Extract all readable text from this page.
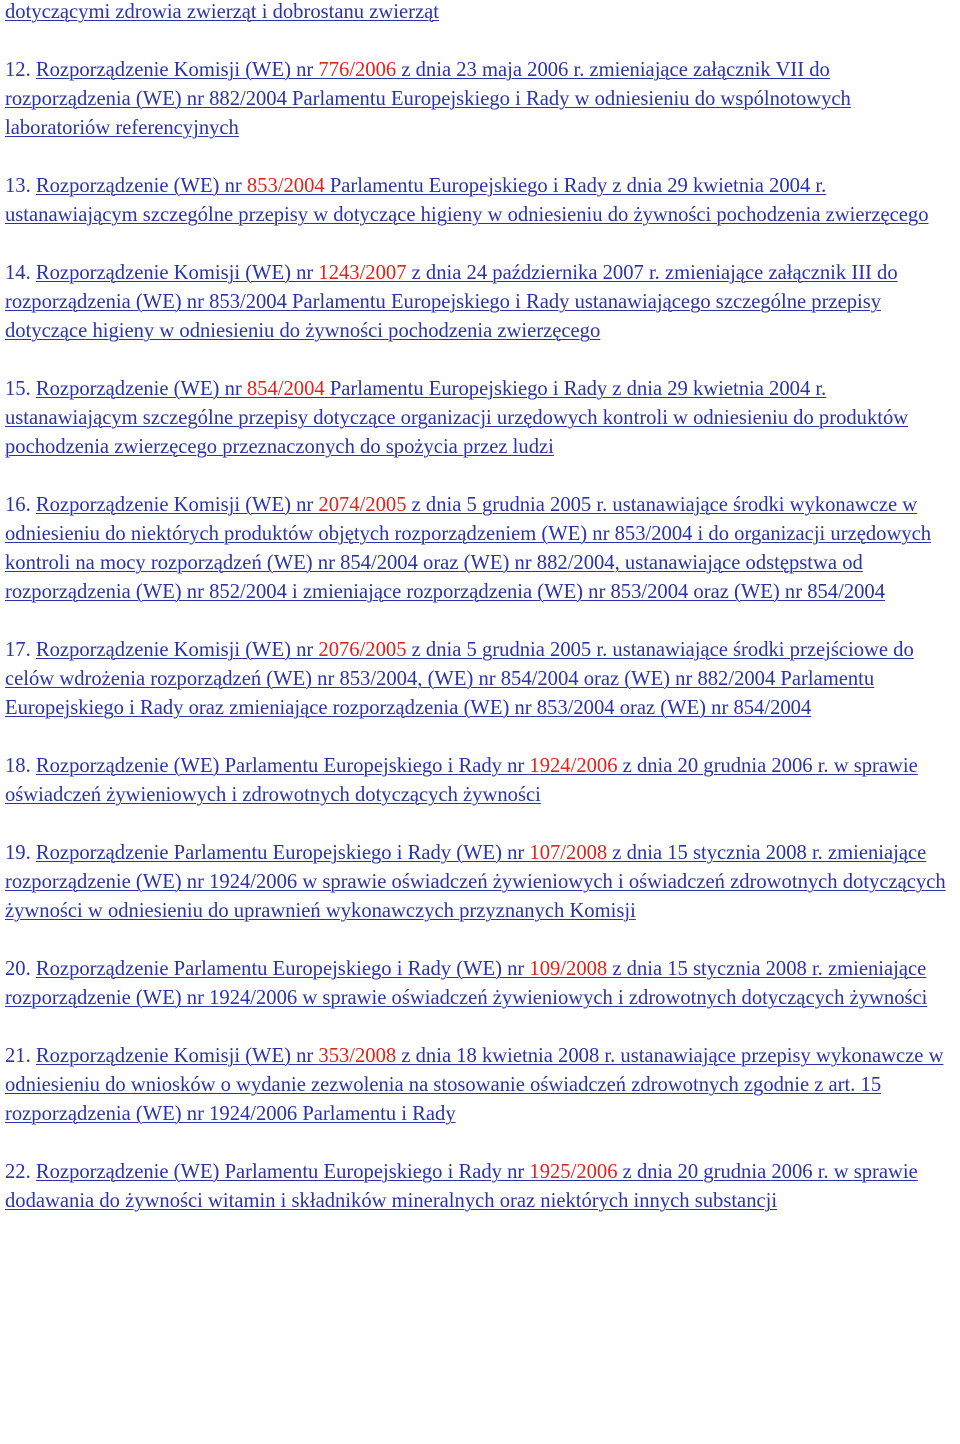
dotyczącymi zdrowia zwierząt i dobrostanu zwierząt

12. Rozporządzenie Komisji (WE) nr 776/2006 z dnia 23 maja 2006 r. zmieniające załącznik VII do rozporządzenia (WE) nr 882/2004 Parlamentu Europejskiego i Rady w odniesieniu do wspólnotowych laboratoriów referencyjnych

13. Rozporządzenie (WE) nr 853/2004 Parlamentu Europejskiego i Rady z dnia 29 kwietnia 2004 r. ustanawiającym szczególne przepisy w dotyczące higieny w odniesieniu do żywności pochodzenia zwierzęcego

14. Rozporządzenie Komisji (WE) nr 1243/2007 z dnia 24 października 2007 r. zmieniające załącznik III do rozporządzenia (WE) nr 853/2004 Parlamentu Europejskiego i Rady ustanawiającego szczególne przepisy dotyczące higieny w odniesieniu do żywności pochodzenia zwierzęcego

15. Rozporządzenie (WE) nr 854/2004 Parlamentu Europejskiego i Rady z dnia 29 kwietnia 2004 r. ustanawiającym szczególne przepisy dotyczące organizacji urzędowych kontroli w odniesieniu do produktów pochodzenia zwierzęcego przeznaczonych do spożycia przez ludzi

16. Rozporządzenie Komisji (WE) nr 2074/2005 z dnia 5 grudnia 2005 r. ustanawiające środki wykonawcze w odniesieniu do niektórych produktów objętych rozporządzeniem (WE) nr 853/2004 i do organizacji urzędowych kontroli na mocy rozporządzeń (WE) nr 854/2004 oraz (WE) nr 882/2004, ustanawiające odstępstwa od rozporządzenia (WE) nr 852/2004 i zmieniające rozporządzenia (WE) nr 853/2004 oraz (WE) nr 854/2004

17. Rozporządzenie Komisji (WE) nr 2076/2005 z dnia 5 grudnia 2005 r. ustanawiające środki przejściowe do celów wdrożenia rozporządzeń (WE) nr 853/2004, (WE) nr 854/2004 oraz (WE) nr 882/2004 Parlamentu Europejskiego i Rady oraz zmieniające rozporządzenia (WE) nr 853/2004 oraz (WE) nr 854/2004

18. Rozporządzenie (WE) Parlamentu Europejskiego i Rady nr 1924/2006 z dnia 20 grudnia 2006 r. w sprawie oświadczeń żywieniowych i zdrowotnych dotyczących żywności

19. Rozporządzenie Parlamentu Europejskiego i Rady (WE) nr 107/2008 z dnia 15 stycznia 2008 r. zmieniające rozporządzenie (WE) nr 1924/2006 w sprawie oświadczeń żywieniowych i oświadczeń zdrowotnych dotyczących żywności w odniesieniu do uprawnień wykonawczych przyznanych Komisji

20. Rozporządzenie Parlamentu Europejskiego i Rady (WE) nr 109/2008 z dnia 15 stycznia 2008 r. zmieniające rozporządzenie (WE) nr 1924/2006 w sprawie oświadczeń żywieniowych i zdrowotnych dotyczących żywności

21. Rozporządzenie Komisji (WE) nr 353/2008 z dnia 18 kwietnia 2008 r. ustanawiające przepisy wykonawcze w odniesieniu do wniosków o wydanie zezwolenia na stosowanie oświadczeń zdrowotnych zgodnie z art. 15 rozporządzenia (WE) nr 1924/2006 Parlamentu i Rady

22. Rozporządzenie (WE) Parlamentu Europejskiego i Rady nr 1925/2006 z dnia 20 grudnia 2006 r. w sprawie dodawania do żywności witamin i składników mineralnych oraz niektórych innych substancji
